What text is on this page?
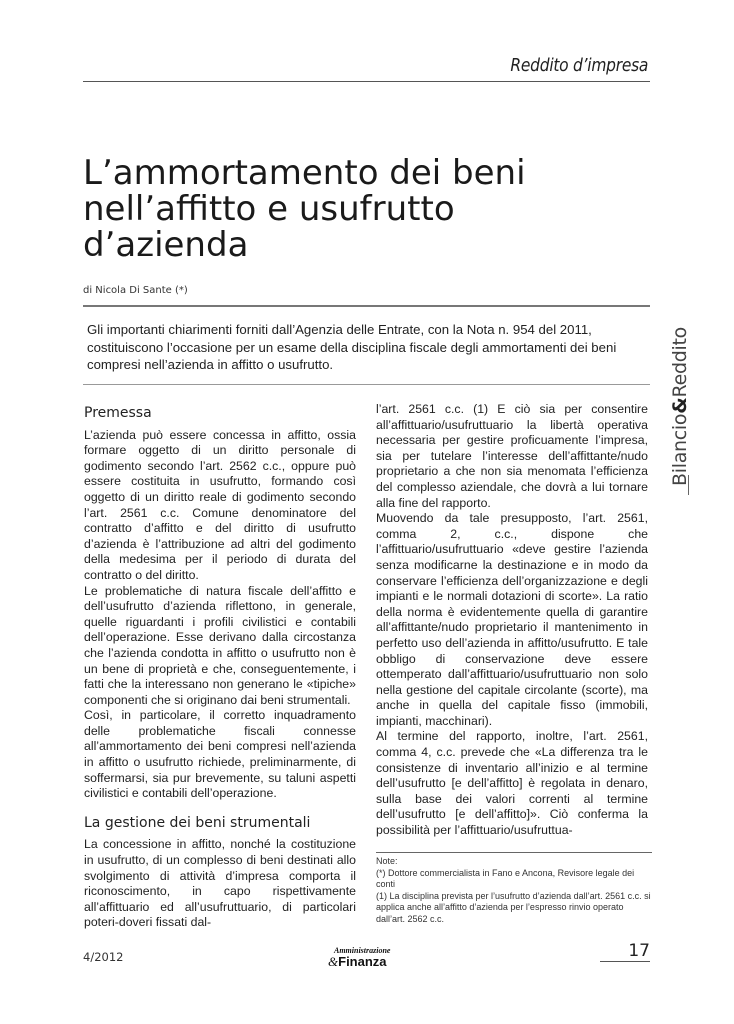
Reddito d’impresa
L’ammortamento dei beni
nell’affitto e usufrutto
d’azienda
di Nicola Di Sante (*)

Gli importanti chiarimenti forniti dall’Agenzia delle Entrate, con la Nota n. 954 del 2011, costituiscono l’occasione per un esame della disciplina fiscale degli ammortamenti dei beni compresi nell’azienda in affitto o usufrutto.

Bilancio&Reddito
Premessa

L’azienda può essere concessa in affitto, ossia formare oggetto di un diritto personale di godimento secondo l’art. 2562 c.c., oppure può essere costituita in usufrutto, formando così oggetto di un diritto reale di godimento secondo l’art. 2561 c.c. Comune denominatore del contratto d’affitto e del diritto di usufrutto d’azienda è l’attribuzione ad altri del godimento della medesima per il periodo di durata del contratto o del diritto.

Le problematiche di natura fiscale dell’affitto e dell’usufrutto d’azienda riflettono, in generale, quelle riguardanti i profili civilistici e contabili dell’operazione. Esse derivano dalla circostanza che l’azienda condotta in affitto o usufrutto non è un bene di proprietà e che, conseguentemente, i fatti che la interessano non generano le «tipiche» componenti che si originano dai beni strumentali.

Così, in particolare, il corretto inquadramento delle problematiche fiscali connesse all’ammortamento dei beni compresi nell’azienda in affitto o usufrutto richiede, preliminarmente, di soffermarsi, sia pur brevemente, su taluni aspetti civilistici e contabili dell’operazione.

La gestione dei beni strumentali

La concessione in affitto, nonché la costituzione in usufrutto, di un complesso di beni destinati allo svolgimento di attività d’impresa comporta il riconoscimento, in capo rispettivamente all’affittuario ed all’usufruttuario, di particolari poteri-doveri fissati dal-

l’art. 2561 c.c. (1) E ciò sia per consentire all’affittuario/usufruttuario la libertà operativa necessaria per gestire proficuamente l’impresa, sia per tutelare l’interesse dell’affittante/nudo proprietario a che non sia menomata l’efficienza del complesso aziendale, che dovrà a lui tornare alla fine del rapporto.

Muovendo da tale presupposto, l’art. 2561, comma 2, c.c., dispone che l’affittuario/usufruttuario «deve gestire l’azienda senza modificarne la destinazione e in modo da conservare l’efficienza dell’organizzazione e degli impianti e le normali dotazioni di scorte». La ratio della norma è evidentemente quella di garantire all’affittante/nudo proprietario il mantenimento in perfetto uso dell’azienda in affitto/usufrutto. E tale obbligo di conservazione deve essere ottemperato dall’affittuario/usufruttuario non solo nella gestione del capitale circolante (scorte), ma anche in quella del capitale fisso (immobili, impianti, macchinari).

Al termine del rapporto, inoltre, l’art. 2561, comma 4, c.c. prevede che «La differenza tra le consistenze di inventario all’inizio e al termine dell’usufrutto [e dell’affitto] è regolata in denaro, sulla base dei valori correnti al termine dell’usufrutto [e dell’affitto]». Ciò conferma la possibilità per l’affittuario/usufruttua-

Note:

(*) Dottore commercialista in Fano e Ancona, Revisore legale dei conti

(1) La disciplina prevista per l’usufrutto d’azienda dall’art. 2561 c.c. si applica anche all’affitto d’azienda per l’espresso rinvio operato dall’art. 2562 c.c.

4/2012	Amministrazione
&Finanza
17
